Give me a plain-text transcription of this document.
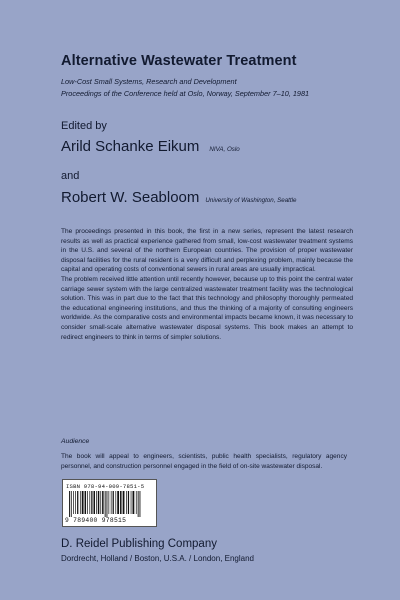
Alternative Wastewater Treatment
Low-Cost Small Systems, Research and Development
Proceedings of the Conference held at Oslo, Norway, September 7–10, 1981
Edited by
Arild Schanke Eikum NIVA, Oslo
and
Robert W. Seabloom University of Washington, Seattle

The proceedings presented in this book, the first in a new series, represent the latest research results as well as practical experience gathered from small, low-cost wastewater treatment systems in the U.S. and several of the northern European countries. The provision of proper wastewater disposal facilities for the rural resident is a very difficult and perplexing problem, mainly because the capital and operating costs of conventional sewers in rural areas are usually impractical.

The problem received little attention until recently however, because up to this point the central water carriage sewer system with the large centralized wastewater treatment facility was the technological solution. This was in part due to the fact that this technology and philosophy thoroughly permeated the educational engineering institutions, and thus the thinking of a majority of consulting engineers worldwide. As the comparative costs and environmental impacts became known, it was necessary to consider small-scale alternative wastewater disposal systems. This book makes an attempt to redirect engineers to think in terms of simpler solutions.

Audience
The book will appeal to engineers, scientists, public health specialists, regulatory agency personnel, and construction personnel engaged in the field of on-site wastewater disposal.
ISBN 978-94-009-7851-5
9 789400 978515
D. Reidel Publishing Company
Dordrecht, Holland / Boston, U.S.A. / London, England
